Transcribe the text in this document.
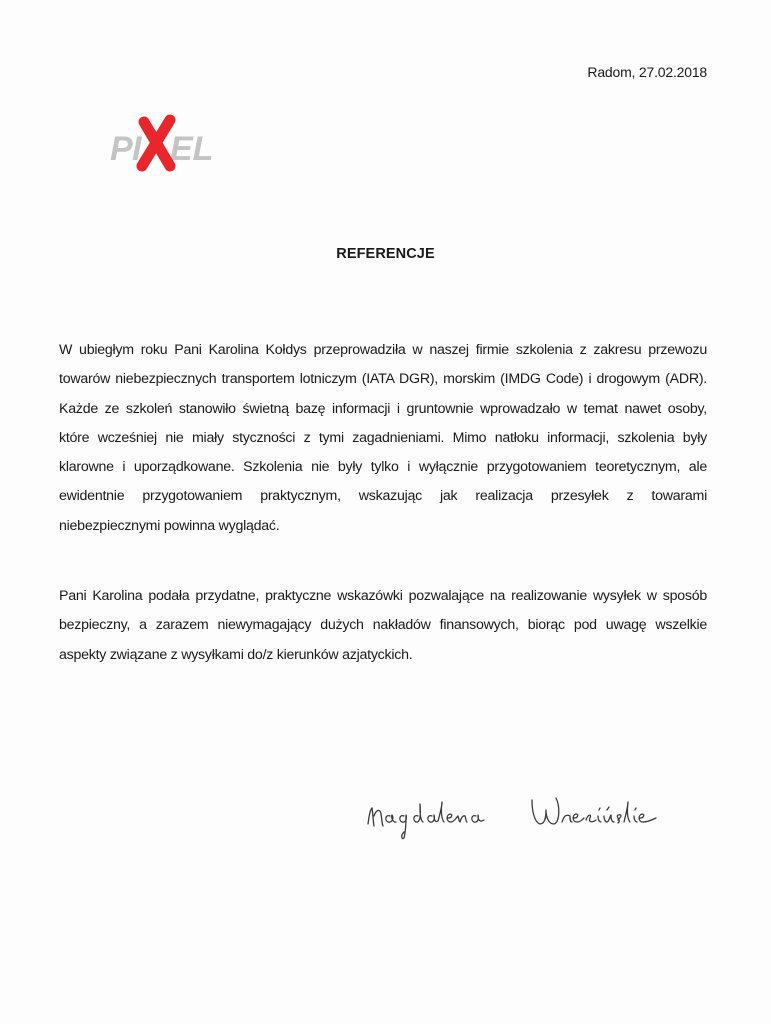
Radom, 27.02.2018
P I EL
REFERENCJE
W ubiegłym roku Pani Karolina Kołdys przeprowadziła w naszej firmie szkolenia z zakresu przewozu
towarów niebezpiecznych transportem lotniczym (IATA DGR), morskim (IMDG Code) i drogowym (ADR).
Każde ze szkoleń stanowiło świetną bazę informacji i gruntownie wprowadzało w temat nawet osoby,
które wcześniej nie miały styczności z tymi zagadnieniami. Mimo natłoku informacji, szkolenia były
klarowne i uporządkowane. Szkolenia nie były tylko i wyłącznie przygotowaniem teoretycznym, ale
ewidentnie przygotowaniem praktycznym, wskazując jak realizacja przesyłek z towarami
niebezpiecznymi powinna wyglądać.
Pani Karolina podała przydatne, praktyczne wskazówki pozwalające na realizowanie wysyłek w sposób
bezpieczny, a zarazem niewymagający dużych nakładów finansowych, biorąc pod uwagę wszelkie
aspekty związane z wysyłkami do/z kierunków azjatyckich.
